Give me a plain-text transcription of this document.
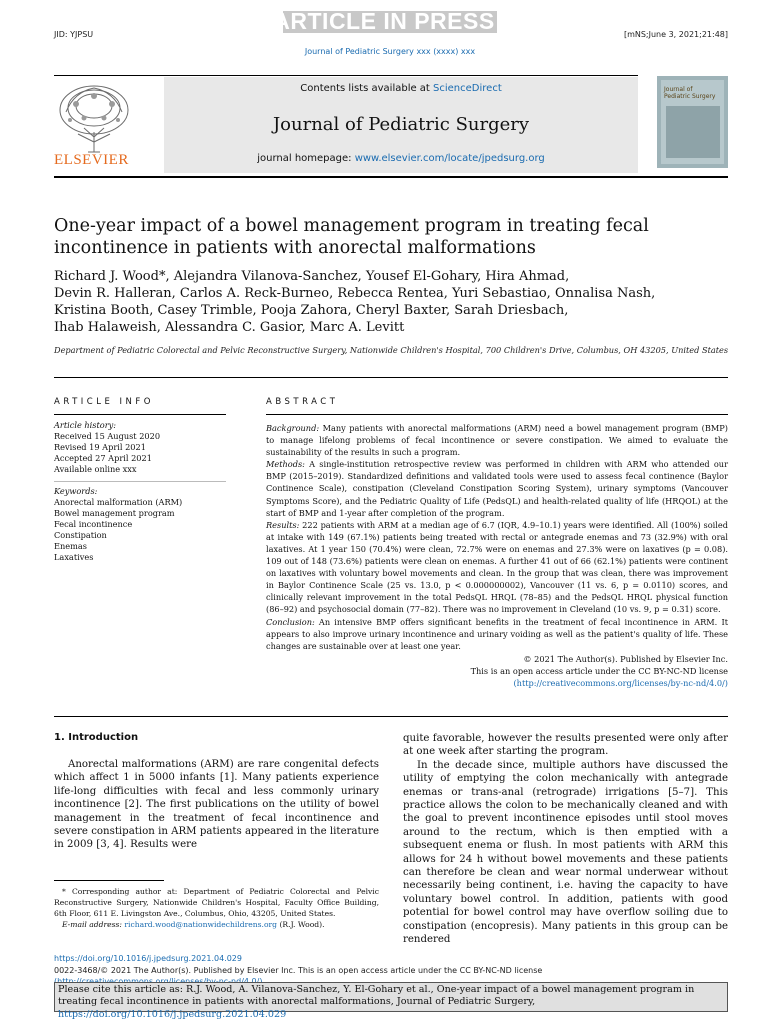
ARTICLE IN PRESS
JID: YJPSU	[mNS;June 3, 2021;21:48]
Journal of Pediatric Surgery xxx (xxxx) xxx
ELSEVIER
Contents lists available at ScienceDirect
Journal of Pediatric Surgery
journal homepage: www.elsevier.com/locate/jpedsurg.org
Journal of
Pediatric Surgery
One-year impact of a bowel management program in treating fecal
incontinence in patients with anorectal malformations
Richard J. Wood*, Alejandra Vilanova-Sanchez, Yousef El-Gohary, Hira Ahmad,
Devin R. Halleran, Carlos A. Reck-Burneo, Rebecca Rentea, Yuri Sebastiao, Onnalisa Nash,
Kristina Booth, Casey Trimble, Pooja Zahora, Cheryl Baxter, Sarah Driesbach,
Ihab Halaweish, Alessandra C. Gasior, Marc A. Levitt
Department of Pediatric Colorectal and Pelvic Reconstructive Surgery, Nationwide Children's Hospital, 700 Children's Drive, Columbus, OH 43205, United States
ARTICLE INFO
Article history:
Received 15 August 2020
Revised 19 April 2021
Accepted 27 April 2021
Available online xxx
Keywords:
Anorectal malformation (ARM)
Bowel management program
Fecal incontinence
Constipation
Enemas
Laxatives
ABSTRACT
Background: Many patients with anorectal malformations (ARM) need a bowel management program (BMP) to manage lifelong problems of fecal incontinence or severe constipation. We aimed to evaluate the sustainability of the results in such a program.
Methods: A single-institution retrospective review was performed in children with ARM who attended our BMP (2015–2019). Standardized definitions and validated tools were used to assess fecal continence (Baylor Continence Scale), constipation (Cleveland Constipation Scoring System), urinary symptoms (Vancouver Symptoms Score), and the Pediatric Quality of Life (PedsQL) and health-related quality of life (HRQOL) at the start of BMP and 1-year after completion of the program.
Results: 222 patients with ARM at a median age of 6.7 (IQR, 4.9–10.1) years were identified. All (100%) soiled at intake with 149 (67.1%) patients being treated with rectal or antegrade enemas and 73 (32.9%) with oral laxatives. At 1 year 150 (70.4%) were clean, 72.7% were on enemas and 27.3% were on laxatives (p = 0.08). 109 out of 148 (73.6%) patients were clean on enemas. A further 41 out of 66 (62.1%) patients were continent on laxatives with voluntary bowel movements and clean. In the group that was clean, there was improvement in Baylor Continence Scale (25 vs. 13.0, p < 0.000000002), Vancouver (11 vs. 6, p = 0.0110) scores, and clinically relevant improvement in the total PedsQL HRQL (78–85) and the PedsQL HRQL physical function (86–92) and psychosocial domain (77–82). There was no improvement in Cleveland (10 vs. 9, p = 0.31) score.
Conclusion: An intensive BMP offers significant benefits in the treatment of fecal incontinence in ARM. It appears to also improve urinary incontinence and urinary voiding as well as the patient's quality of life. These changes are sustainable over at least one year.
© 2021 The Author(s). Published by Elsevier Inc.
This is an open access article under the CC BY-NC-ND license
(http://creativecommons.org/licenses/by-nc-nd/4.0/)
1. Introduction
Anorectal malformations (ARM) are rare congenital defects which affect 1 in 5000 infants [1]. Many patients experience life-long difficulties with fecal and less commonly urinary incontinence [2]. The first publications on the utility of bowel management in the treatment of fecal incontinence and severe constipation in ARM patients appeared in the literature in 2009 [3, 4]. Results were
quite favorable, however the results presented were only after at one week after starting the program.
In the decade since, multiple authors have discussed the utility of emptying the colon mechanically with antegrade enemas or trans-anal (retrograde) irrigations [5–7]. This practice allows the colon to be mechanically cleaned and with the goal to prevent incontinence episodes until stool moves around to the rectum, which is then emptied with a subsequent enema or flush. In most patients with ARM this allows for 24 h without bowel movements and these patients can therefore be clean and wear normal underwear without necessarily being continent, i.e. having the capacity to have voluntary bowel control. In addition, patients with good potential for bowel control may have overflow soiling due to constipation (encopresis). Many patients in this group can be rendered
* Corresponding author at: Department of Pediatric Colorectal and Pelvic Reconstructive Surgery, Nationwide Children's Hospital, Faculty Office Building, 6th Floor, 611 E. Livingston Ave., Columbus, Ohio, 43205, United States.
E-mail address: richard.wood@nationwidechildrens.org (R.J. Wood).
https://doi.org/10.1016/j.jpedsurg.2021.04.029
0022-3468/© 2021 The Author(s). Published by Elsevier Inc. This is an open access article under the CC BY-NC-ND license
Please cite this article as: R.J. Wood, A. Vilanova-Sanchez, Y. El-Gohary et al., One-year impact of a bowel management program in treating fecal incontinence in patients with anorectal malformations, Journal of Pediatric Surgery, https://doi.org/10.1016/j.jpedsurg.2021.04.029
